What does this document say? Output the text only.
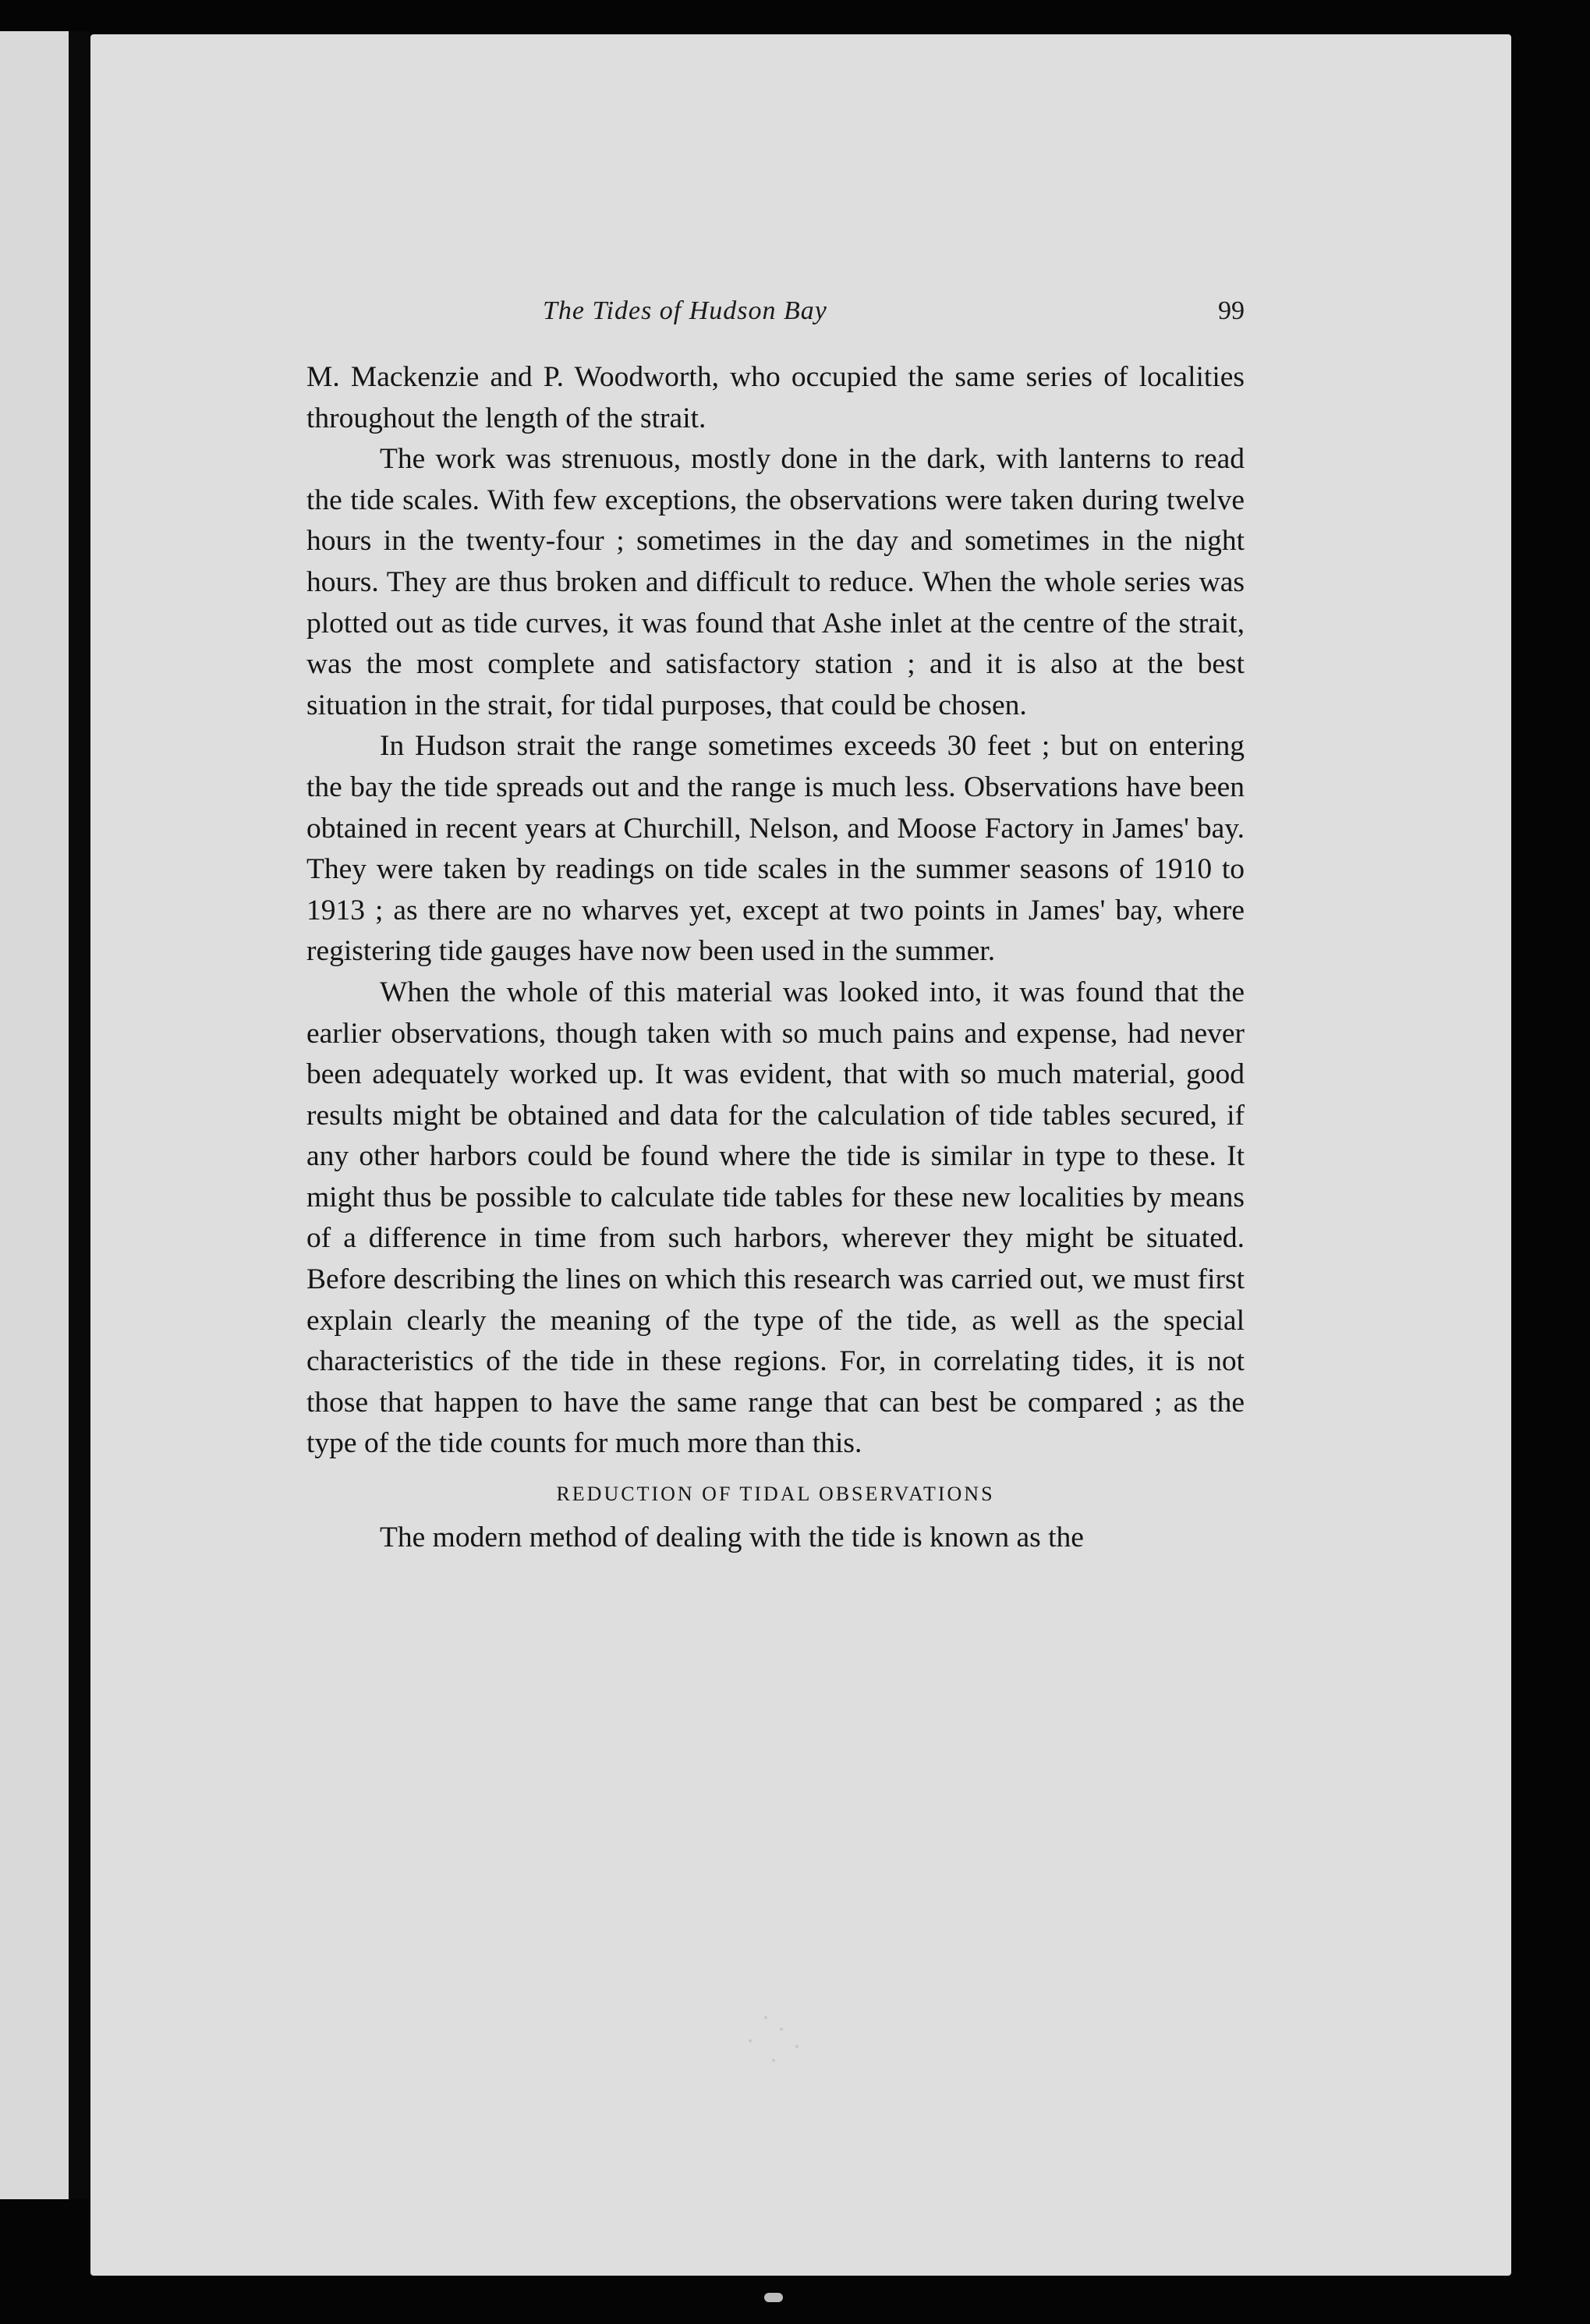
The Tides of Hudson Bay	99

M. Mackenzie and P. Woodworth, who occupied the same series of localities throughout the length of the strait.

The work was strenuous, mostly done in the dark, with lanterns to read the tide scales. With few exceptions, the observations were taken during twelve hours in the twenty-four ; sometimes in the day and sometimes in the night hours. They are thus broken and difficult to reduce. When the whole series was plotted out as tide curves, it was found that Ashe inlet at the centre of the strait, was the most complete and satisfactory station ; and it is also at the best situation in the strait, for tidal purposes, that could be chosen.

In Hudson strait the range sometimes exceeds 30 feet ; but on entering the bay the tide spreads out and the range is much less. Observations have been obtained in recent years at Churchill, Nelson, and Moose Factory in James' bay. They were taken by readings on tide scales in the summer seasons of 1910 to 1913 ; as there are no wharves yet, except at two points in James' bay, where registering tide gauges have now been used in the summer.

When the whole of this material was looked into, it was found that the earlier observations, though taken with so much pains and expense, had never been adequately worked up. It was evident, that with so much material, good results might be obtained and data for the calculation of tide tables secured, if any other harbors could be found where the tide is similar in type to these. It might thus be possible to calculate tide tables for these new localities by means of a difference in time from such harbors, wherever they might be situated. Before describing the lines on which this research was carried out, we must first explain clearly the meaning of the type of the tide, as well as the special characteristics of the tide in these regions. For, in correlating tides, it is not those that happen to have the same range that can best be compared ; as the type of the tide counts for much more than this.

REDUCTION OF TIDAL OBSERVATIONS

The modern method of dealing with the tide is known as the
